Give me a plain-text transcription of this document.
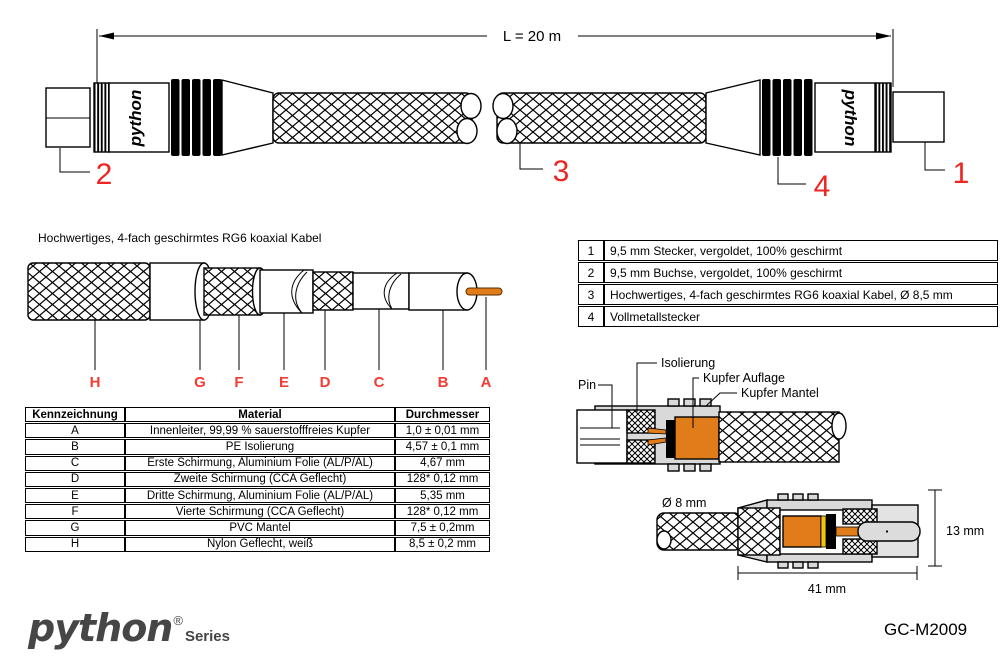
L = 20 m
python	python
2	3	4	1
Hochwertiges, 4-fach geschirmtes RG6 koaxial Kabel
H	G F E D	C	B A
1	9,5 mm Stecker, vergoldet, 100% geschirmt
2	9,5 mm Buchse, vergoldet, 100% geschirmt
3	Hochwertiges, 4-fach geschirmtes RG6 koaxial Kabel, Ø 8,5 mm
4	Vollmetallstecker
Kennzeichnung	Material	Durchmesser
A	Innenleiter, 99,99 % sauerstofffreies Kupfer	1,0 ± 0,01 mm
B	PE Isolierung	4,57 ± 0,1 mm
C	Erste Schirmung, Aluminium Folie (AL/P/AL)	4,67 mm
D	Zweite Schirmung (CCA Geflecht)	128* 0,12 mm
E	Dritte Schirmung, Aluminium Folie (AL/P/AL)	5,35 mm
F	Vierte Schirmung (CCA Geflecht)	128* 0,12 mm
G	PVC Mantel	7,5 ± 0,2mm
H	Nylon Geflecht, weiß	8,5 ± 0,2 mm
Pin
Isolierung
Kupfer Auflage
Kupfer Mantel
Ø 8 mm
13 mm
41 mm
python ®
Series	GC-M2009
